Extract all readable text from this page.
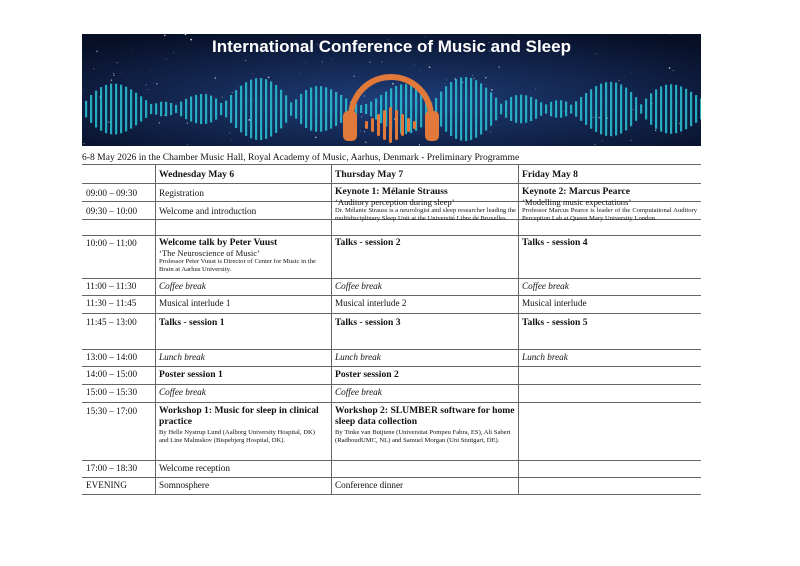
International Conference of Music and Sleep
6-8 May 2026 in the Chamber Music Hall, Royal Academy of Music, Aarhus, Denmark - Preliminary Programme
Wednesday May 6	Thursday May 7	Friday May 8
09:00 – 09:30
09:30 – 10:00
10:00 – 11:00
11:00 – 11:30
11:30 – 11:45
11:45 – 13:00
13:00 – 14:00
14:00 – 15:00
15:00 – 15:30
15:30 – 17:00
17:00 – 18:30
EVENING
Registration
Welcome and introduction
Welcome talk by Peter Vuust
‘The Neuroscience of Music’
Professor Peter Vuust is Director of Center for Music in the Brain at Aarhus University.
Coffee break
Musical interlude 1
Talks - session 1
Lunch break
Poster session 1
Coffee break
Workshop 1: Music for sleep in clinical practice
By Helle Nystrup Lund (Aalborg University Hospital, DK) and Line Malmskov (Bispebjerg Hospital, DK).
Welcome reception
Somnosphere
Keynote 1: Mélanie Strauss
‘Auditory perception during sleep’
Dr. Mélanie Strauss is a neurologist and sleep researcher leading the multidisciplinary Sleep Unit at the Université Libre de Bruxelles.
Talks - session 2
Coffee break
Musical interlude 2
Talks - session 3
Lunch break
Poster session 2
Coffee break
Workshop 2: SLUMBER software for home sleep data collection
By Tinke van Buijtene (Universitat Pompeu Fabra, ES), Ali Saberi (RadboudUMC, NL) and Samuel Morgan (Uni Stuttgart, DE).
Conference dinner
Keynote 2: Marcus Pearce
‘Modelling music expectations’
Professor Marcus Pearce is leader of the Computational Auditory Perception Lab at Queen Mary University London.
Talks - session 4
Coffee break
Musical interlude
Talks - session 5
Lunch break
